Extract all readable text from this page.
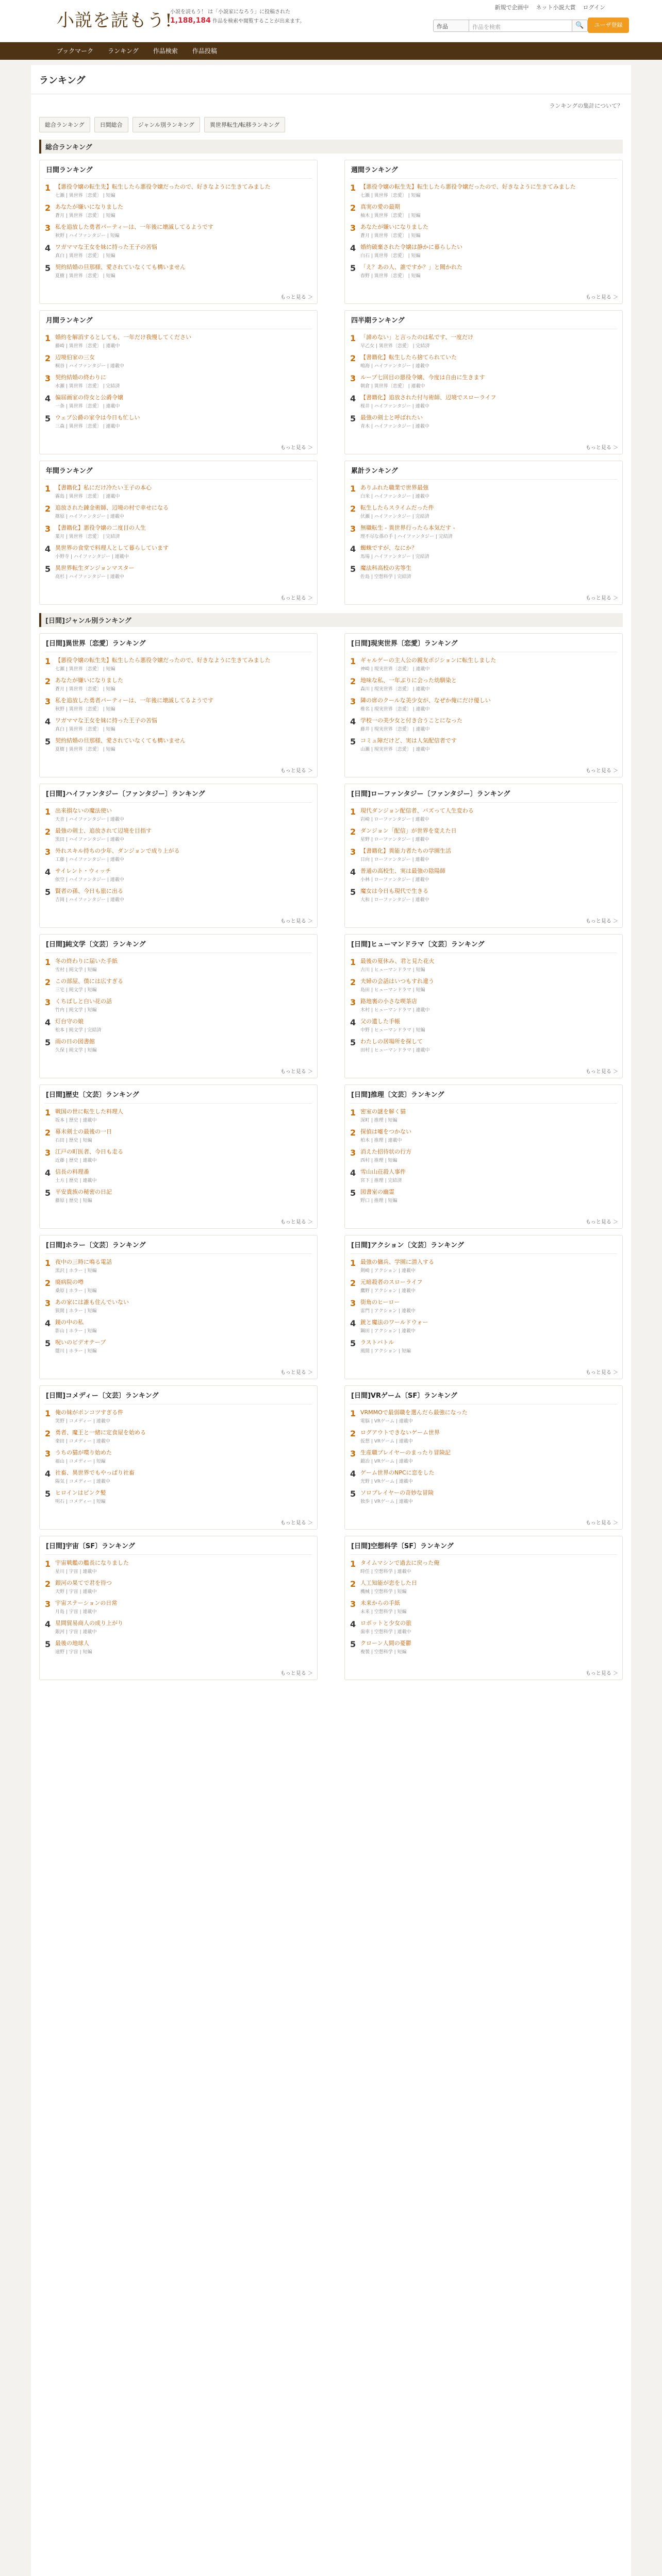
小説を読もう!
小説を読もう！ は「小説家になろう」に投稿された
1,188,184 作品を検索や閲覧することが出来ます。
新規で企画中 ネット小説大賞 ログイン
作品	作品を検索	🔍	ユーザ登録
ブックマーク ランキング 作品検索 作品投稿
ランキング
ランキングの集計について？
総合ランキング	日間総合	ジャンル別ランキング	異世界転生/転移ランキング
総合ランキング
日間ランキング
1 【悪役令嬢の転生先】転生したら悪役令嬢だったので、好きなように生きてみました
七瀬 | 異世界〔恋愛〕 | 短編
2 あなたが嫌いになりました
蒼月 | 異世界〔恋愛〕 | 短編
3 私を追放した勇者パーティーは、一年後に壊滅してるようです
秋野 | ハイファンタジー | 短編
4 ワガママな王女を妹に持った王子の苦悩
真白 | 異世界〔恋愛〕 | 短編
5 契約結婚の旦那様、愛されていなくても構いません
夏樹 | 異世界〔恋愛〕 | 短編
もっと見る ＞
週間ランキング
1 【悪役令嬢の転生先】転生したら悪役令嬢だったので、好きなように生きてみました
七瀬 | 異世界〔恋愛〕 | 短編
2 真実の愛の最期
柚木 | 異世界〔恋愛〕 | 短編
3 あなたが嫌いになりました
蒼月 | 異世界〔恋愛〕 | 短編
4 婚約破棄された令嬢は静かに暮らしたい
白石 | 異世界〔恋愛〕 | 短編
5 「え？あの人、誰ですか？」と聞かれた
春野 | 異世界〔恋愛〕 | 短編
もっと見る ＞
月間ランキング
1 婚約を解消するとしても、一年だけ我慢してください
藤崎 | 異世界〔恋愛〕 | 連載中
2 辺境伯家の三女
桐谷 | ハイファンタジー | 連載中
3 契約結婚の終わりに
水瀬 | 異世界〔恋愛〕 | 完結済
4 偏屈画家の侍女と公爵令嬢
一条 | 異世界〔恋愛〕 | 連載中
5 ウェブ公爵の家令は今日も忙しい
三森 | 異世界〔恋愛〕 | 連載中
もっと見る ＞
四半期ランキング
1 「諦めない」と言ったのは私です、一度だけ
早乙女 | 異世界〔恋愛〕 | 完結済
2 【書籍化】転生したら捨てられていた
鳴海 | ハイファンタジー | 連載中
3 ループ七回目の悪役令嬢、今度は自由に生きます
朝倉 | 異世界〔恋愛〕 | 連載中
4 【書籍化】追放された付与術師、辺境でスローライフ
桜井 | ハイファンタジー | 連載中
5 最強の剣士と呼ばれたい
青木 | ハイファンタジー | 連載中
もっと見る ＞
年間ランキング
1 【書籍化】私にだけ冷たい王子の本心
霧島 | 異世界〔恋愛〕 | 連載中
2 追放された錬金術師、辺境の村で幸せになる
篠原 | ハイファンタジー | 連載中
3 【書籍化】悪役令嬢の二度目の人生
葉月 | 異世界〔恋愛〕 | 完結済
4 異世界の食堂で料理人として暮らしています
小野寺 | ハイファンタジー | 連載中
5 異世界転生ダンジョンマスター
高杉 | ハイファンタジー | 連載中
もっと見る ＞
累計ランキング
1 ありふれた職業で世界最強
白米 | ハイファンタジー | 連載中
2 転生したらスライムだった件
伏瀬 | ハイファンタジー | 完結済
3 無職転生 - 異世界行ったら本気だす -
理不尽な孫の手 | ハイファンタジー | 完結済
4 蜘蛛ですが、なにか？
馬場 | ハイファンタジー | 完結済
5 魔法科高校の劣等生
佐島 | 空想科学 | 完結済
もっと見る ＞
[日間]ジャンル別ランキング
[日間]異世界〔恋愛〕ランキング
1 【悪役令嬢の転生先】転生したら悪役令嬢だったので、好きなように生きてみました
七瀬 | 異世界〔恋愛〕 | 短編
2 あなたが嫌いになりました
蒼月 | 異世界〔恋愛〕 | 短編
3 私を追放した勇者パーティーは、一年後に壊滅してるようです
秋野 | 異世界〔恋愛〕 | 短編
4 ワガママな王女を妹に持った王子の苦悩
真白 | 異世界〔恋愛〕 | 短編
5 契約結婚の旦那様、愛されていなくても構いません
夏樹 | 異世界〔恋愛〕 | 短編
もっと見る ＞
[日間]現実世界〔恋愛〕ランキング
1 ギャルゲーの主人公の親友ポジションに転生しました
神崎 | 現実世界〔恋愛〕 | 連載中
2 地味な私、一年ぶりに会った幼馴染と
森川 | 現実世界〔恋愛〕 | 連載中
3 隣の席のクールな美少女が、なぜか俺にだけ優しい
椎名 | 現実世界〔恋愛〕 | 連載中
4 学校一の美少女と付き合うことになった
藤井 | 現実世界〔恋愛〕 | 連載中
5 コミュ障だけど、実は人気配信者です
山瀬 | 現実世界〔恋愛〕 | 連載中
もっと見る ＞
[日間]ハイファンタジー〔ファンタジー〕ランキング
1 出来損ないの魔法使い
天音 | ハイファンタジー | 連載中
2 最強の剣士、追放されて辺境を目指す
黒田 | ハイファンタジー | 連載中
3 外れスキル持ちの少年、ダンジョンで成り上がる
工藤 | ハイファンタジー | 連載中
4 サイレント・ウィッチ
依空 | ハイファンタジー | 連載中
5 賢者の孫、今日も旅に出る
吉岡 | ハイファンタジー | 連載中
もっと見る ＞
[日間]ローファンタジー〔ファンタジー〕ランキング
1 現代ダンジョン配信者、バズって人生変わる
岩崎 | ローファンタジー | 連載中
2 ダンジョン「配信」が世界を変えた日
星野 | ローファンタジー | 連載中
3 【書籍化】異能力者たちの学園生活
日向 | ローファンタジー | 連載中
4 普通の高校生、実は最強の陰陽師
小林 | ローファンタジー | 連載中
5 魔女は今日も現代で生きる
大和 | ローファンタジー | 連載中
もっと見る ＞
[日間]純文学〔文芸〕ランキング
1 冬の終わりに届いた手紙
雪村 | 純文学 | 短編
2 この部屋、僕には広すぎる
三宅 | 純文学 | 短編
3 くちばしと白い花の話
竹内 | 純文学 | 短編
4 灯台守の娘
松本 | 純文学 | 完結済
5 雨の日の図書館
久保 | 純文学 | 短編
もっと見る ＞
[日間]ヒューマンドラマ〔文芸〕ランキング
1 最後の夏休み、君と見た花火
古川 | ヒューマンドラマ | 短編
2 夫婦の会話はいつもすれ違う
島田 | ヒューマンドラマ | 短編
3 路地裏の小さな喫茶店
木村 | ヒューマンドラマ | 連載中
4 父の遺した手帳
中野 | ヒューマンドラマ | 短編
5 わたしの居場所を探して
田村 | ヒューマンドラマ | 連載中
もっと見る ＞
[日間]歴史〔文芸〕ランキング
1 戦国の世に転生した料理人
坂本 | 歴史 | 連載中
2 幕末剣士の最後の一日
石田 | 歴史 | 短編
3 江戸の町医者、今日も走る
近藤 | 歴史 | 連載中
4 信長の料理番
土方 | 歴史 | 連載中
5 平安貴族の秘密の日記
藤原 | 歴史 | 短編
もっと見る ＞
[日間]推理〔文芸〕ランキング
1 密室の謎を解く猫
深町 | 推理 | 短編
2 探偵は嘘をつかない
柏木 | 推理 | 連載中
3 消えた招待状の行方
西村 | 推理 | 短編
4 雪山山荘殺人事件
宮下 | 推理 | 完結済
5 図書室の幽霊
野口 | 推理 | 短編
もっと見る ＞
[日間]ホラー〔文芸〕ランキング
1 夜中の三時に鳴る電話
黒沢 | ホラー | 短編
2 廃病院の噂
桑原 | ホラー | 短編
3 あの家には誰も住んでいない
狭間 | ホラー | 短編
4 鏡の中の私
影山 | ホラー | 短編
5 呪いのビデオテープ
闇川 | ホラー | 短編
もっと見る ＞
[日間]アクション〔文芸〕ランキング
1 最強の傭兵、学園に潜入する
剣崎 | アクション | 連載中
2 元暗殺者のスローライフ
鷹野 | アクション | 連載中
3 街角のヒーロー
雷門 | アクション | 連載中
4 銃と魔法のワールドウォー
鋼田 | アクション | 連載中
5 ラストバトル
風間 | アクション | 短編
もっと見る ＞
[日間]コメディー〔文芸〕ランキング
1 俺の妹がポンコツすぎる件
笑野 | コメディー | 連載中
2 勇者、魔王と一緒に定食屋を始める
楽田 | コメディー | 連載中
3 うちの猫が喋り始めた
福山 | コメディー | 短編
4 社畜、異世界でもやっぱり社畜
陽気 | コメディー | 連載中
5 ヒロインはピンク髪
明石 | コメディー | 短編
もっと見る ＞
[日間]VRゲーム〔SF〕ランキング
1 VRMMOで最弱職を選んだら最強になった
電脳 | VRゲーム | 連載中
2 ログアウトできないゲーム世界
仮想 | VRゲーム | 連載中
3 生産職プレイヤーのまったり冒険記
鍛冶 | VRゲーム | 連載中
4 ゲーム世界のNPCに恋をした
光野 | VRゲーム | 連載中
5 ソロプレイヤーの奇妙な冒険
独歩 | VRゲーム | 連載中
もっと見る ＞
[日間]宇宙〔SF〕ランキング
1 宇宙戦艦の艦長になりました
星川 | 宇宙 | 連載中
2 銀河の果てで君を待つ
天野 | 宇宙 | 連載中
3 宇宙ステーションの日常
月島 | 宇宙 | 連載中
4 星間貿易商人の成り上がり
銀河 | 宇宙 | 連載中
5 最後の地球人
遠野 | 宇宙 | 短編
もっと見る ＞
[日間]空想科学〔SF〕ランキング
1 タイムマシンで過去に戻った俺
時任 | 空想科学 | 連載中
2 人工知能が恋をした日
機械 | 空想科学 | 短編
3 未来からの手紙
未来 | 空想科学 | 短編
4 ロボットと少女の旅
歯車 | 空想科学 | 連載中
5 クローン人間の憂鬱
複製 | 空想科学 | 短編
もっと見る ＞
